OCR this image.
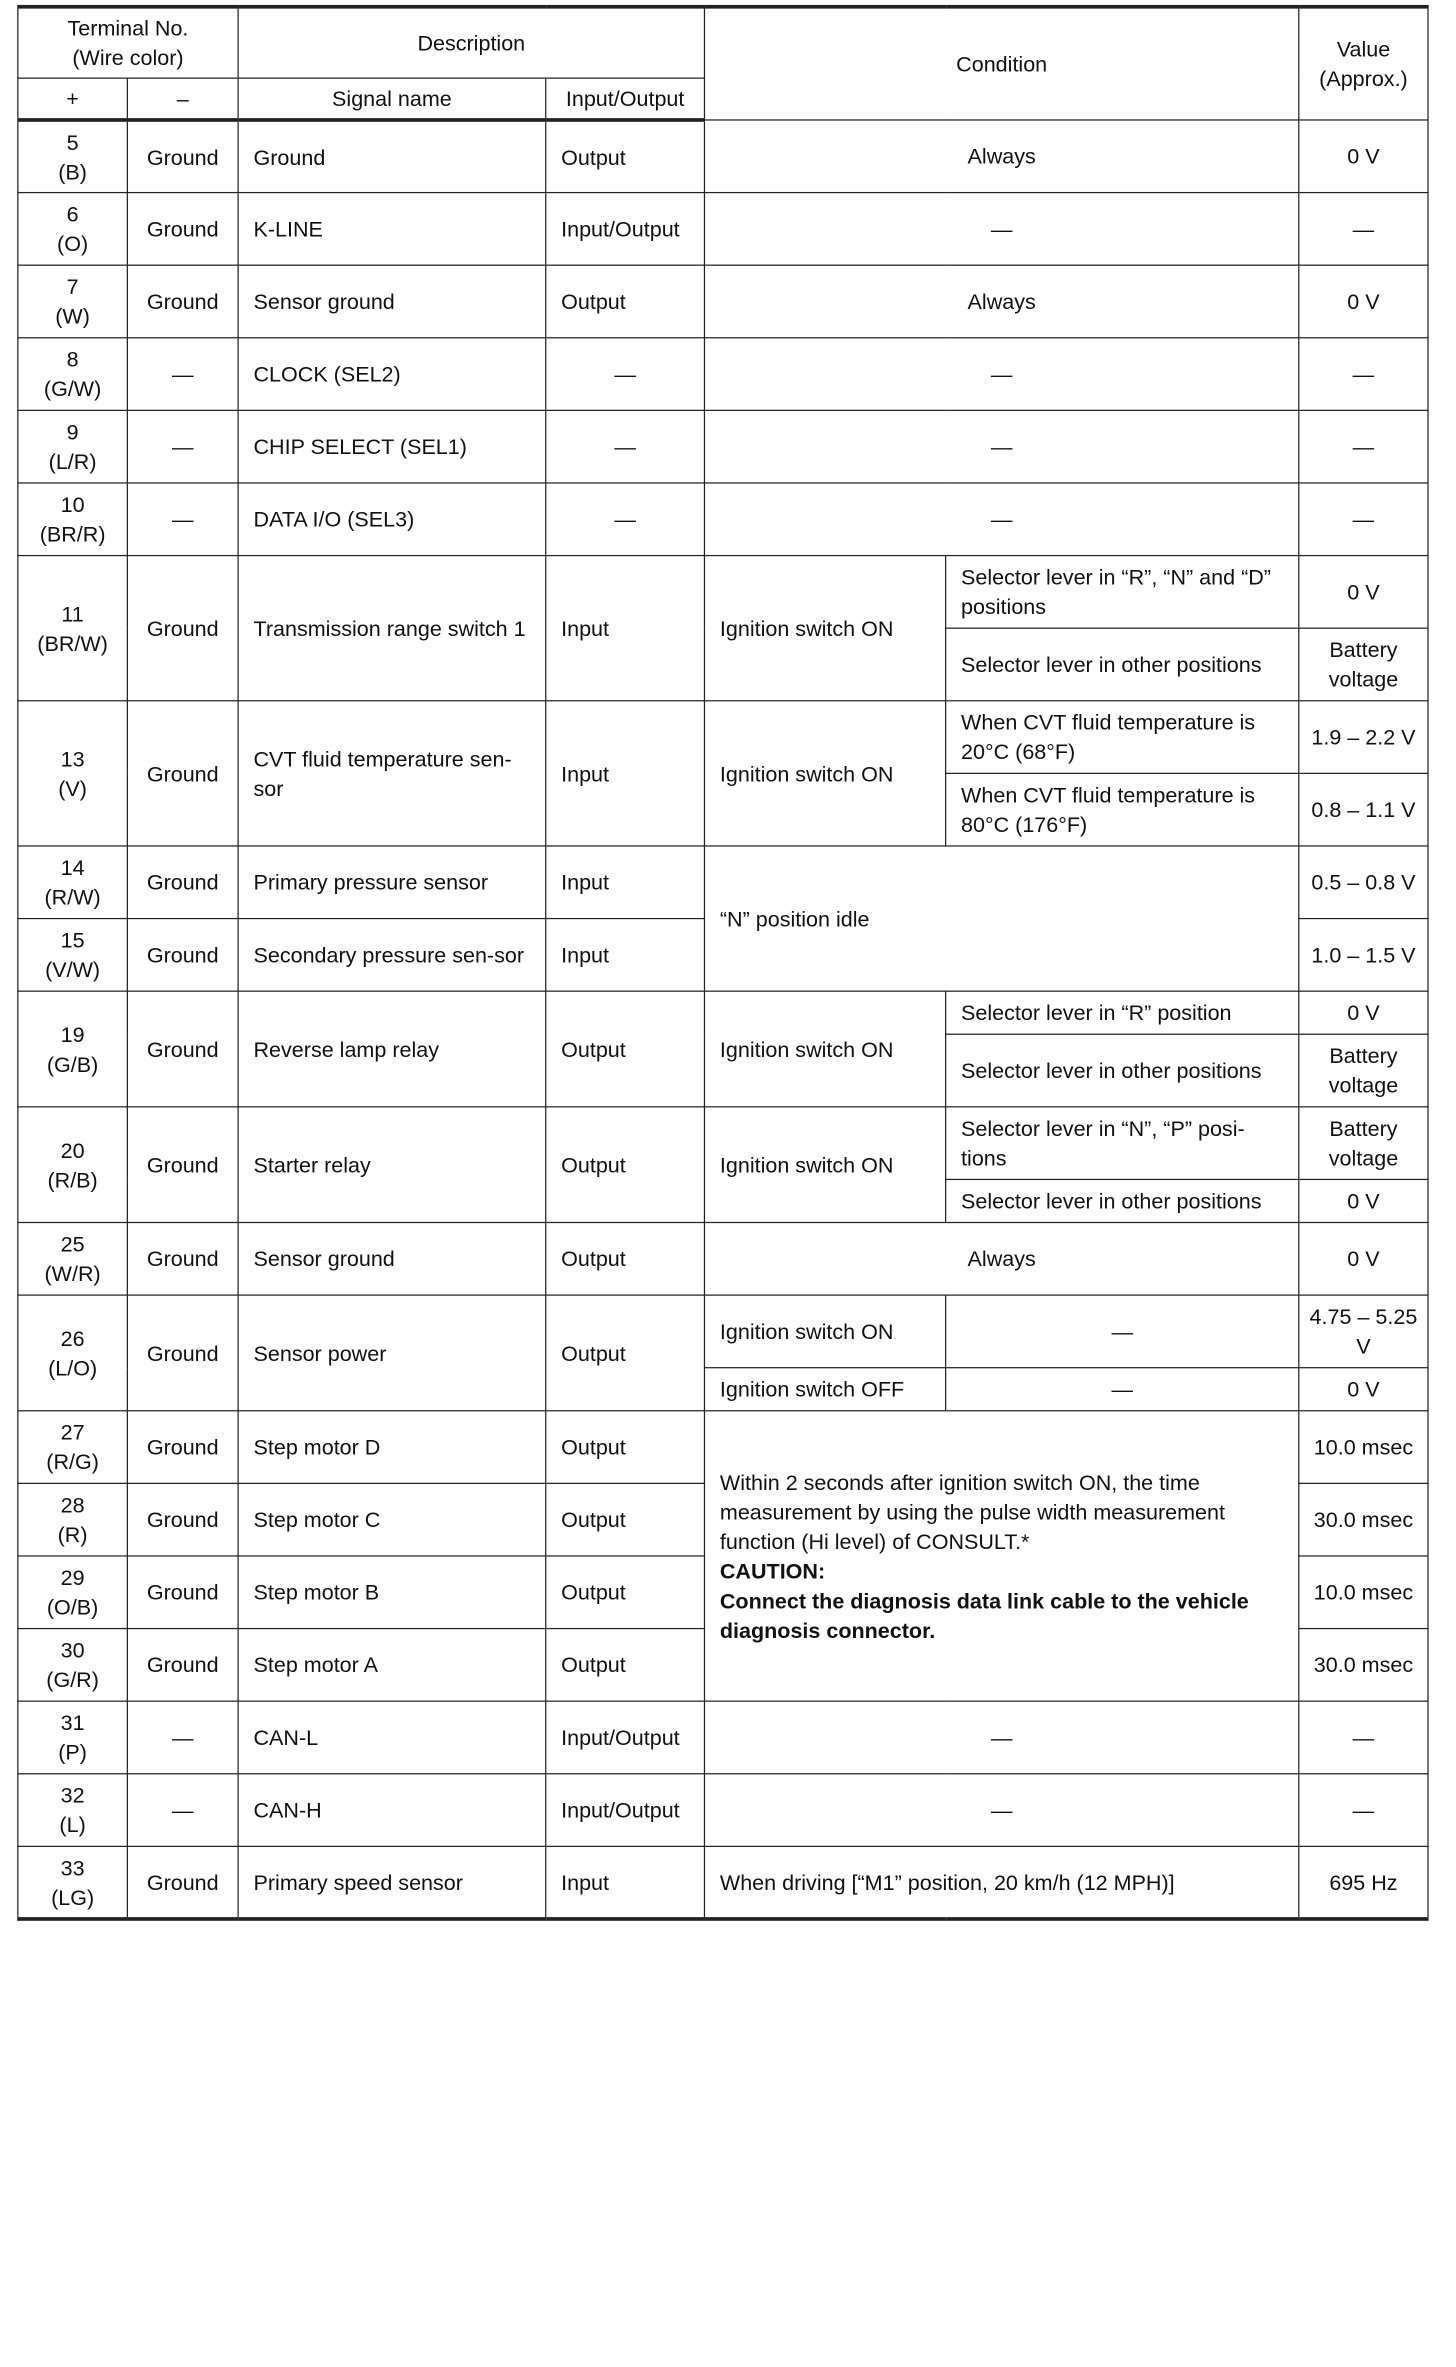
Terminal No.
(Wire color)		Description		Condition		Value
(Approx.)

+	–	Signal name	Input/Output			

5
(B)	Ground	Ground	Output	Always		0 V

6
(O)	Ground	K-LINE	Input/Output	—		—

7
(W)	Ground	Sensor ground	Output	Always		0 V

8
(G/W)	—	CLOCK (SEL2)	—	—		—

9
(L/R)	—	CHIP SELECT (SEL1)	—	—		—

10
(BR/R)	—	DATA I/O (SEL3)	—	—		—

11
(BR/W)	Ground	Transmission range switch 1	Input	Ignition switch ON	Selector lever in “R”, “N” and “D” positions	0 V
					Selector lever in other positions	Battery voltage

13
(V)	Ground	CVT fluid temperature sen-sor	Input	Ignition switch ON	When CVT fluid temperature is 20°C (68°F)	1.9 – 2.2 V
					When CVT fluid temperature is 80°C (176°F)	0.8 – 1.1 V

14
(R/W)	Ground	Primary pressure sensor	Input	“N” position idle		0.5 – 0.8 V

15
(V/W)	Ground	Secondary pressure sen-sor	Input			1.0 – 1.5 V

19
(G/B)	Ground	Reverse lamp relay	Output	Ignition switch ON	Selector lever in “R” position	0 V
					Selector lever in other positions	Battery voltage

20
(R/B)	Ground	Starter relay	Output	Ignition switch ON	Selector lever in “N”, “P” posi-tions	Battery voltage
					Selector lever in other positions	0 V

25
(W/R)	Ground	Sensor ground	Output	Always		0 V

26
(L/O)	Ground	Sensor power	Output	Ignition switch ON	—	4.75 – 5.25 V
				Ignition switch OFF	—	0 V

27
(R/G)	Ground	Step motor D	Output	Within 2 seconds after ignition switch ON, the time measurement by using the pulse width measurement function (Hi level) of CONSULT.*
CAUTION:
Connect the diagnosis data link cable to the vehicle diagnosis connector.		10.0 msec

28
(R)	Ground	Step motor C	Output			30.0 msec

29
(O/B)	Ground	Step motor B	Output			10.0 msec

30
(G/R)	Ground	Step motor A	Output			30.0 msec

31
(P)	—	CAN-L	Input/Output	—		—

32
(L)	—	CAN-H	Input/Output	—		—

33
(LG)	Ground	Primary speed sensor	Input	When driving [“M1” position, 20 km/h (12 MPH)]		695 Hz
